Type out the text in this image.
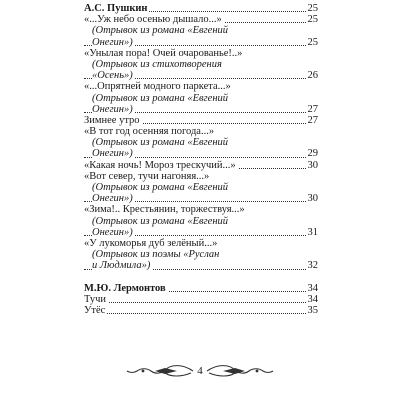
А.С. Пушкин	25
«...Уж небо осенью дышало...»	25
(Отрывок из романа «Евгений
Онегин»)	25
«Унылая пора! Очей очарованье!..»
(Отрывок из стихотворения
«Осень»)	26
«...Опрятней модного паркета...»
(Отрывок из романа «Евгений
Онегин»)	27
Зимнее утро	27
«В тот год осенняя погода...»
(Отрывок из романа «Евгений
Онегин»)	29
«Какая ночь! Мороз трескучий...»	30
«Вот север, тучи нагоняя...»
(Отрывок из романа «Евгений
Онегин»)	30
«Зима!.. Крестьянин, торжествуя...»
(Отрывок из романа «Евгений
Онегин»)	31
«У лукоморья дуб зелёный...»
(Отрывок из поэмы «Руслан
и Людмила»)	32
М.Ю. Лермонтов	34
Тучи	34
Утёс	35
4
